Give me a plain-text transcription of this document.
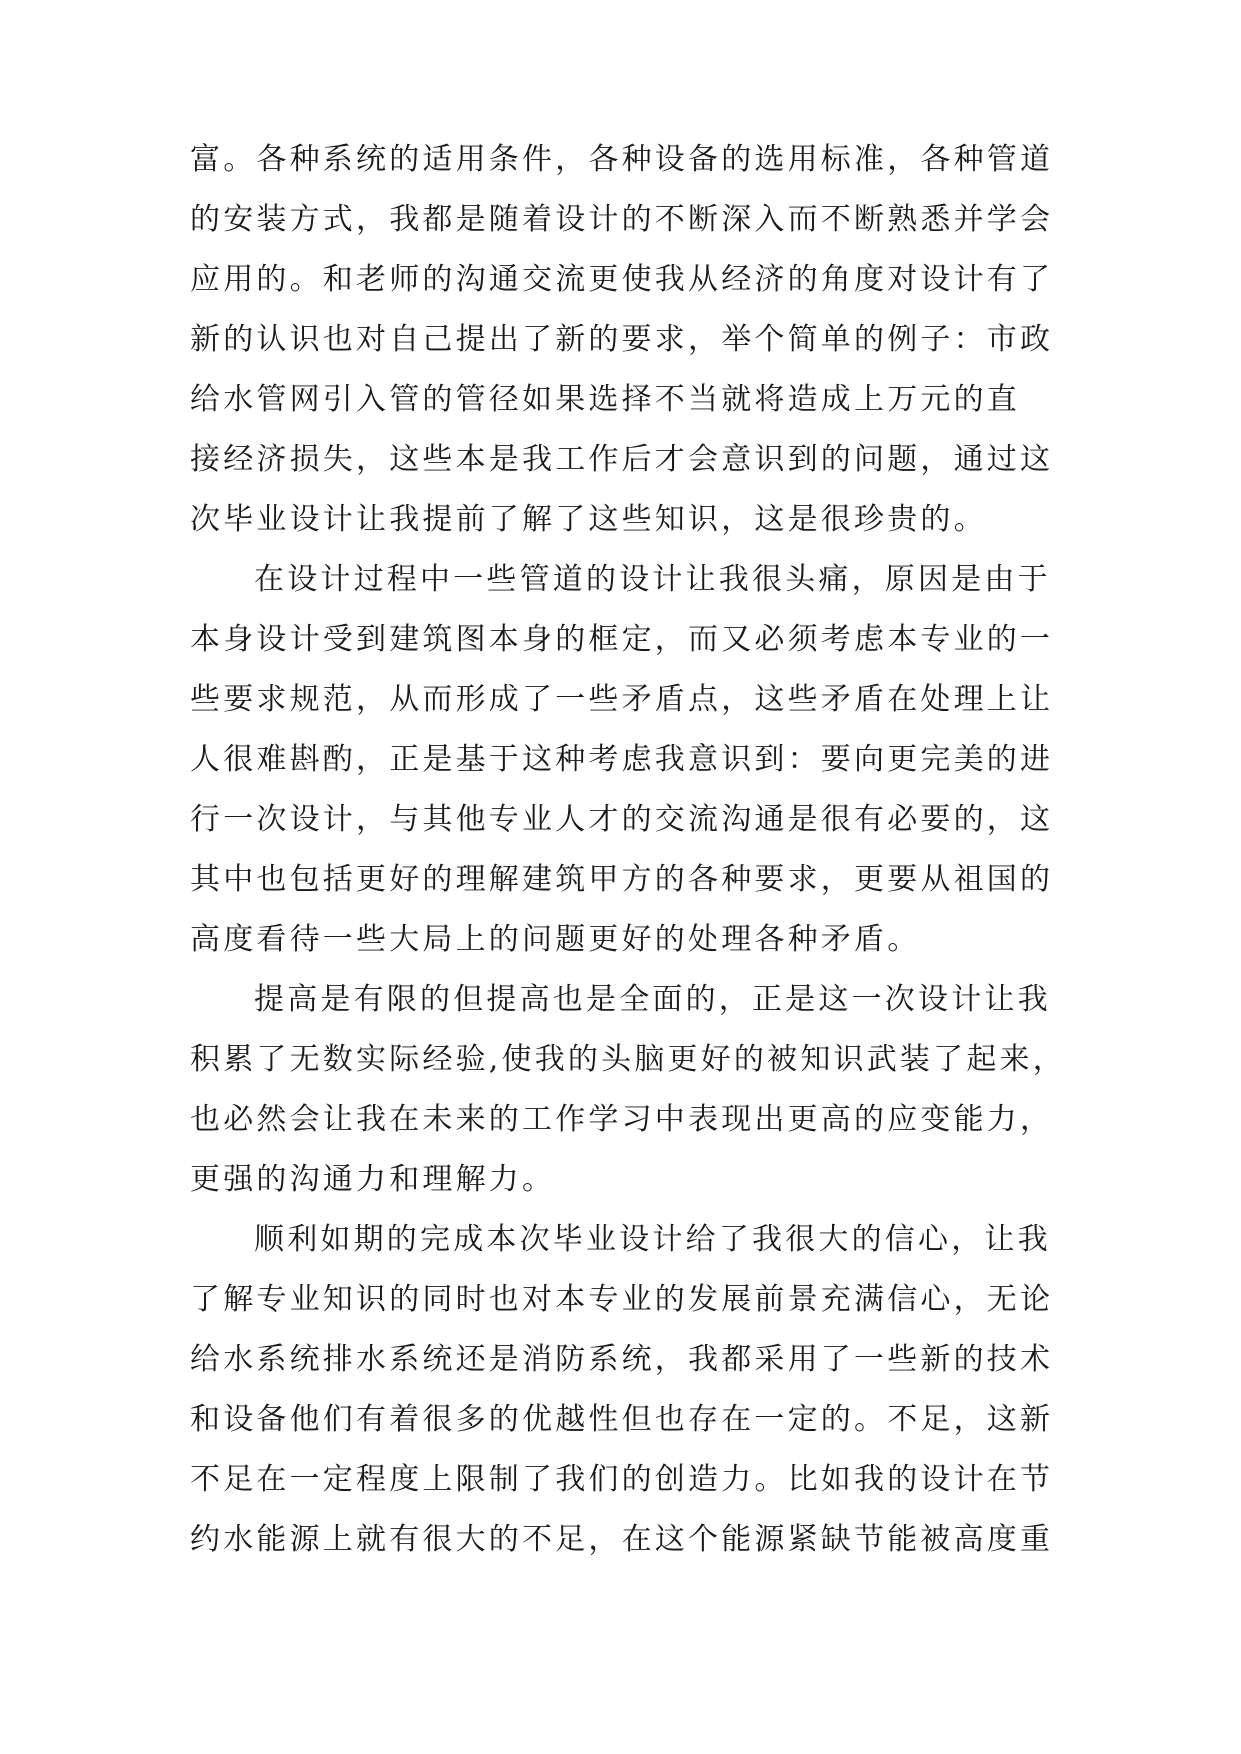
富。各种系统的适用条件，各种设备的选用标准，各种管道
的安装方式，我都是随着设计的不断深入而不断熟悉并学会
应用的。和老师的沟通交流更使我从经济的角度对设计有了
新的认识也对自己提出了新的要求，举个简单的例子：市政
给水管网引入管的管径如果选择不当就将造成上万元的直
接经济损失，这些本是我工作后才会意识到的问题，通过这
次毕业设计让我提前了解了这些知识，这是很珍贵的。
在设计过程中一些管道的设计让我很头痛，原因是由于
本身设计受到建筑图本身的框定，而又必须考虑本专业的一
些要求规范，从而形成了一些矛盾点，这些矛盾在处理上让
人很难斟酌，正是基于这种考虑我意识到：要向更完美的进
行一次设计，与其他专业人才的交流沟通是很有必要的，这
其中也包括更好的理解建筑甲方的各种要求，更要从祖国的
高度看待一些大局上的问题更好的处理各种矛盾。
提高是有限的但提高也是全面的，正是这一次设计让我
积累了无数实际经验,使我的头脑更好的被知识武装了起来，
也必然会让我在未来的工作学习中表现出更高的应变能力，
更强的沟通力和理解力。
顺利如期的完成本次毕业设计给了我很大的信心，让我
了解专业知识的同时也对本专业的发展前景充满信心，无论
给水系统排水系统还是消防系统，我都采用了一些新的技术
和设备他们有着很多的优越性但也存在一定的。不足，这新
不足在一定程度上限制了我们的创造力。比如我的设计在节
约水能源上就有很大的不足，在这个能源紧缺节能被高度重
